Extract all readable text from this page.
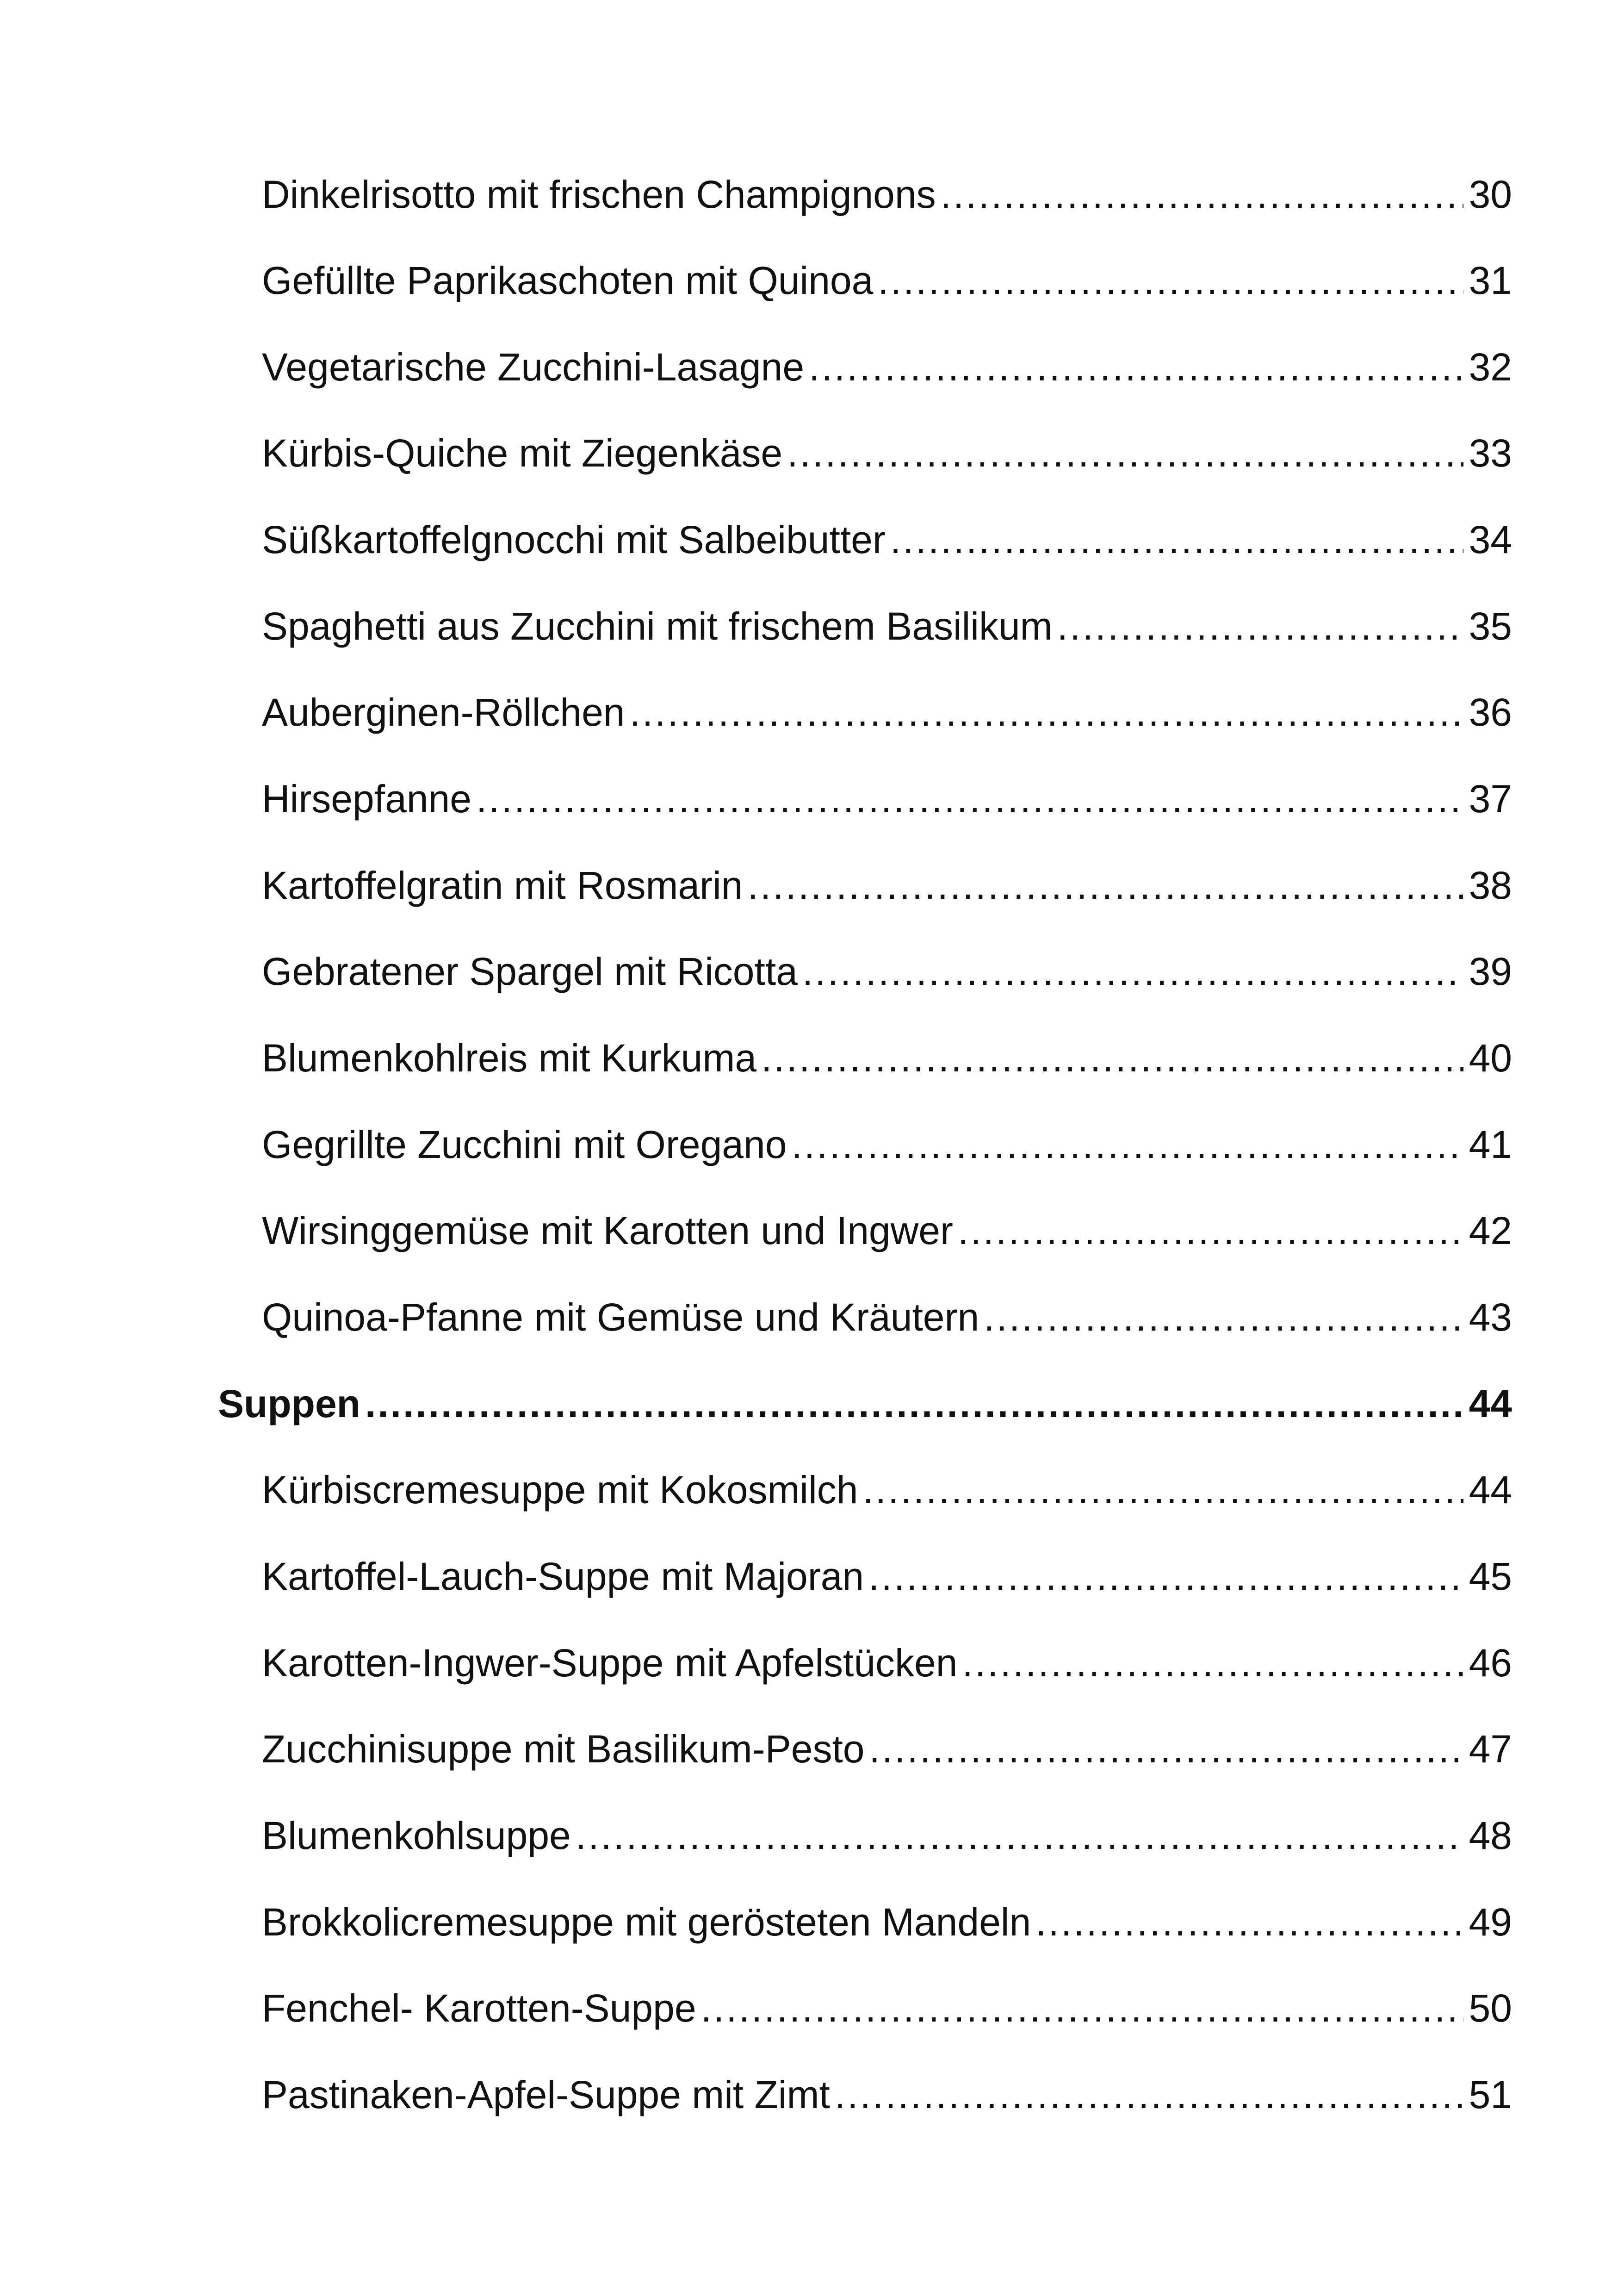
Dinkelrisotto mit frischen Champignons .....	30
Gefüllte Paprikaschoten mit Quinoa .....	31
Vegetarische Zucchini-Lasagne .....	32
Kürbis-Quiche mit Ziegenkäse .....	33
Süßkartoffelgnocchi mit Salbeibutter .....	34
Spaghetti aus Zucchini mit frischem Basilikum .....	35
Auberginen-Röllchen .....	36
Hirsepfanne .....	37
Kartoffelgratin mit Rosmarin .....	38
Gebratener Spargel mit Ricotta .....	39
Blumenkohlreis mit Kurkuma .....	40
Gegrillte Zucchini mit Oregano .....	41
Wirsinggemüse mit Karotten und Ingwer .....	42
Quinoa-Pfanne mit Gemüse und Kräutern .....	43
Suppen .....	44
Kürbiscremesuppe mit Kokosmilch .....	44
Kartoffel-Lauch-Suppe mit Majoran .....	45
Karotten-Ingwer-Suppe mit Apfelstücken .....	46
Zucchinisuppe mit Basilikum-Pesto .....	47
Blumenkohlsuppe .....	48
Brokkolicremesuppe mit gerösteten Mandeln .....	49
Fenchel- Karotten-Suppe .....	50
Pastinaken-Apfel-Suppe mit Zimt .....	51
